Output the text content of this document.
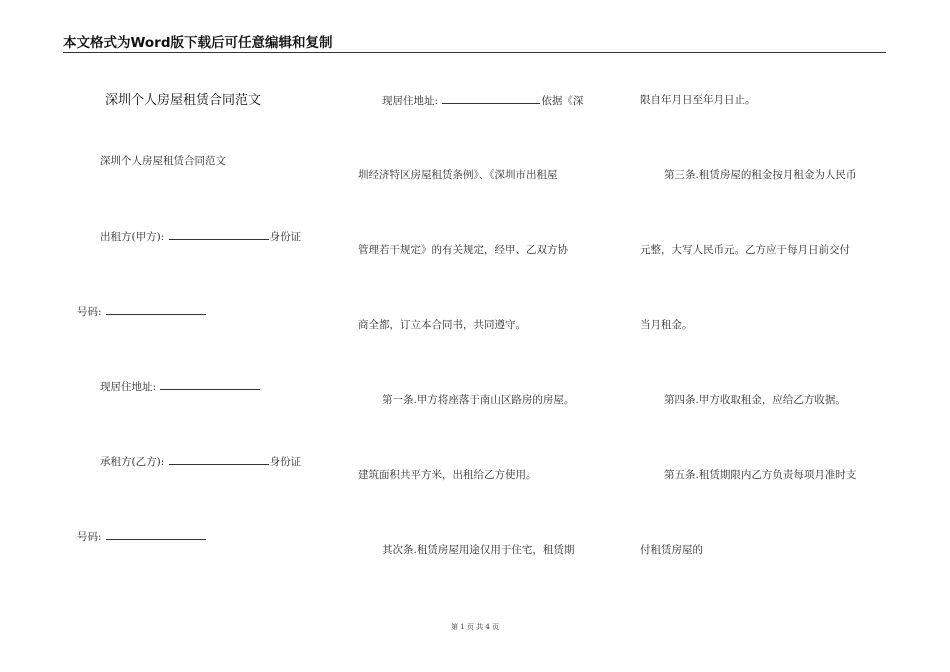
本文格式为Word版下载后可任意编辑和复制
深圳个人房屋租赁合同范文
深圳个人房屋租赁合同范文
出租方(甲方):	身份证
号码:
现居住地址:
承租方(乙方):	身份证
号码:
现居住地址:	依据《深
圳经济特区房屋租赁条例》、《深圳市出租屋
管理若干规定》的有关规定，经甲、乙双方协
商全都，订立本合同书，共同遵守。
第一条.甲方将座落于南山区路房的房屋。
建筑面积共平方米，出租给乙方使用。
其次条.租赁房屋用途仅用于住宅，租赁期
限自年月日至年月日止。
第三条.租赁房屋的租金按月租金为人民币
元整，大写人民币元。乙方应于每月日前交付
当月租金。
第四条.甲方收取租金，应给乙方收据。
第五条.租赁期限内乙方负责每项月准时支
付租赁房屋的
第 1 页 共 4 页
